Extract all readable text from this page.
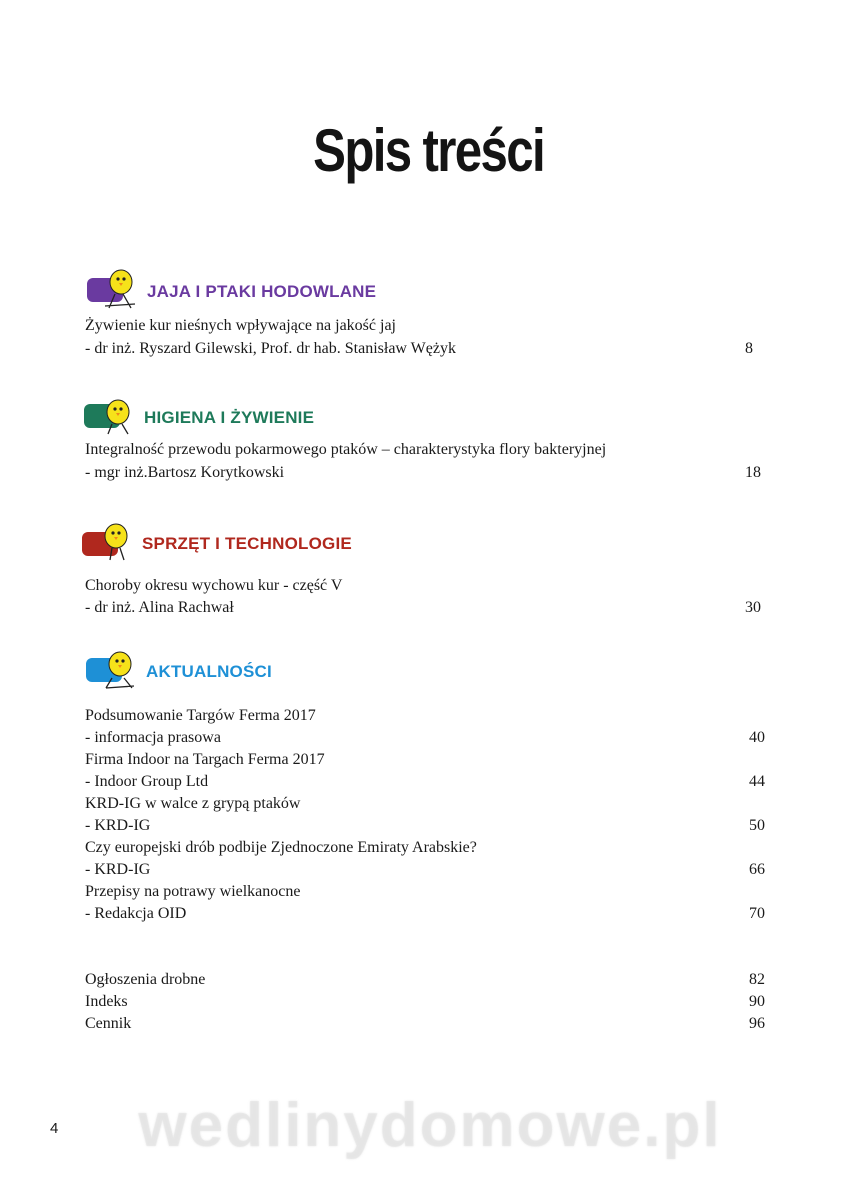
Spis treści
JAJA I PTAKI HODOWLANE
Żywienie kur nieśnych wpływające na jakość jaj
- dr inż. Ryszard Gilewski, Prof. dr hab. Stanisław Wężyk	8
HIGIENA I ŻYWIENIE
Integralność przewodu pokarmowego ptaków – charakterystyka flory bakteryjnej
- mgr inż.Bartosz Korytkowski	18
SPRZĘT I TECHNOLOGIE
Choroby okresu wychowu kur - część V
- dr inż. Alina Rachwał	30
AKTUALNOŚCI
Podsumowanie Targów Ferma 2017
- informacja prasowa	40
Firma Indoor na Targach Ferma 2017
- Indoor Group Ltd	44
KRD-IG w walce z grypą ptaków
- KRD-IG	50
Czy europejski drób podbije Zjednoczone Emiraty Arabskie?
- KRD-IG	66
Przepisy na potrawy wielkanocne
- Redakcja OID	70
Ogłoszenia drobne	82
Indeks	90
Cennik	96
wedlinydomowe.pl
4
